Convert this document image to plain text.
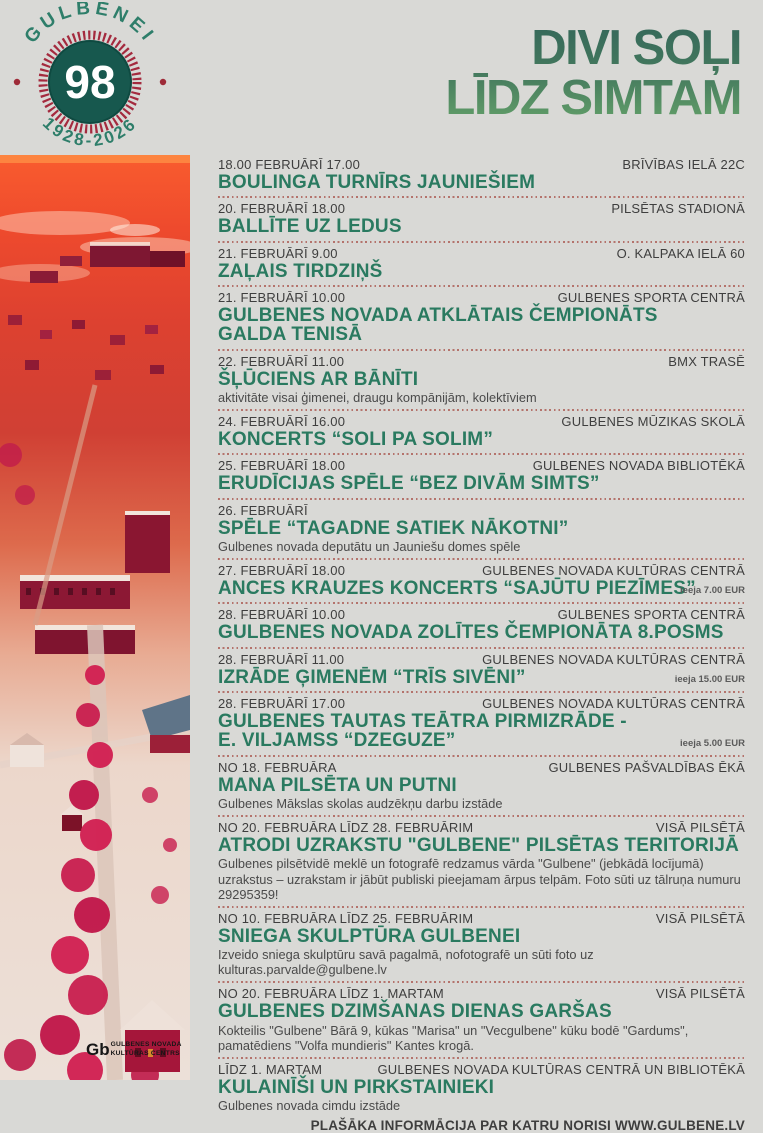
98
GULBENEI
1928-2026
DIVI SOĻI
LĪDZ SIMTAM
Gb GULBENES NOVADA
KULTŪRAS CENTRS
18.00 FEBRUĀRĪ 17.00	BRĪVĪBAS IELĀ 22C
BOULINGA TURNĪRS JAUNIEŠIEM
20. FEBRUĀRĪ 18.00	PILSĒTAS STADIONĀ
BALLĪTE UZ LEDUS
21. FEBRUĀRĪ 9.00	O. KALPAKA IELĀ 60
ZAĻAIS TIRDZIŅŠ
21. FEBRUĀRĪ 10.00	GULBENES SPORTA CENTRĀ
GULBENES NOVADA ATKLĀTAIS ČEMPIONĀTS
GALDA TENISĀ
22. FEBRUĀRĪ 11.00	BMX TRASĒ
ŠĻŪCIENS AR BĀNĪTI
aktivitāte visai ģimenei, draugu kompānijām, kolektīviem
24. FEBRUĀRĪ 16.00	GULBENES MŪZIKAS SKOLĀ
KONCERTS “SOLI PA SOLIM”
25. FEBRUĀRĪ 18.00	GULBENES NOVADA BIBLIOTĒKĀ
ERUDĪCIJAS SPĒLE “BEZ DIVĀM SIMTS”
26. FEBRUĀRĪ
SPĒLE “TAGADNE SATIEK NĀKOTNI”
Gulbenes novada deputātu un Jauniešu domes spēle
27. FEBRUĀRĪ 18.00	GULBENES NOVADA KULTŪRAS CENTRĀ
ANCES KRAUZES KONCERTS “SAJŪTU PIEZĪMES”
ieeja 7.00 EUR
28. FEBRUĀRĪ 10.00	GULBENES SPORTA CENTRĀ
GULBENES NOVADA ZOLĪTES ČEMPIONĀTA 8.POSMS
28. FEBRUĀRĪ 11.00	GULBENES NOVADA KULTŪRAS CENTRĀ
IZRĀDE ĢIMENĒM “TRĪS SIVĒNI”	ieeja 15.00 EUR
28. FEBRUĀRĪ 17.00	GULBENES NOVADA KULTŪRAS CENTRĀ
GULBENES TAUTAS TEĀTRA PIRMIZRĀDE -
E. VILJAMSS “DZEGUZE”	ieeja 5.00 EUR
NO 18. FEBRUĀRA	GULBENES PAŠVALDĪBAS ĒKĀ
MANA PILSĒTA UN PUTNI
Gulbenes Mākslas skolas audzēkņu darbu izstāde
NO 20. FEBRUĀRA LĪDZ 28. FEBRUĀRIM	VISĀ PILSĒTĀ
ATRODI UZRAKSTU "GULBENE" PILSĒTAS TERITORIJĀ
Gulbenes pilsētvidē meklē un fotografē redzamus vārda "Gulbene" (jebkādā locījumā) uzrakstus – uzrakstam ir jābūt publiski pieejamam ārpus telpām. Foto sūti uz tālruņa numuru 29295359!
NO 10. FEBRUĀRA LĪDZ 25. FEBRUĀRIM	VISĀ PILSĒTĀ
SNIEGA SKULPTŪRA GULBENEI
Izveido sniega skulptūru savā pagalmā, nofotografē un sūti foto uz kulturas.parvalde@gulbene.lv
NO 20. FEBRUĀRA LĪDZ 1. MARTAM	VISĀ PILSĒTĀ
GULBENES DZIMŠANAS DIENAS GARŠAS
Kokteilis "Gulbene" Bārā 9, kūkas "Marisa" un "Vecgulbene" kūku bodē "Gardums", pamatēdiens "Volfa mundieris" Kantes krogā.
LĪDZ 1. MARTAM	GULBENES NOVADA KULTŪRAS CENTRĀ UN BIBLIOTĒKĀ
KULAINĪŠI UN PIRKSTAINIEKI
Gulbenes novada cimdu izstāde
PLAŠĀKA INFORMĀCIJA PAR KATRU NORISI WWW.GULBENE.LV
